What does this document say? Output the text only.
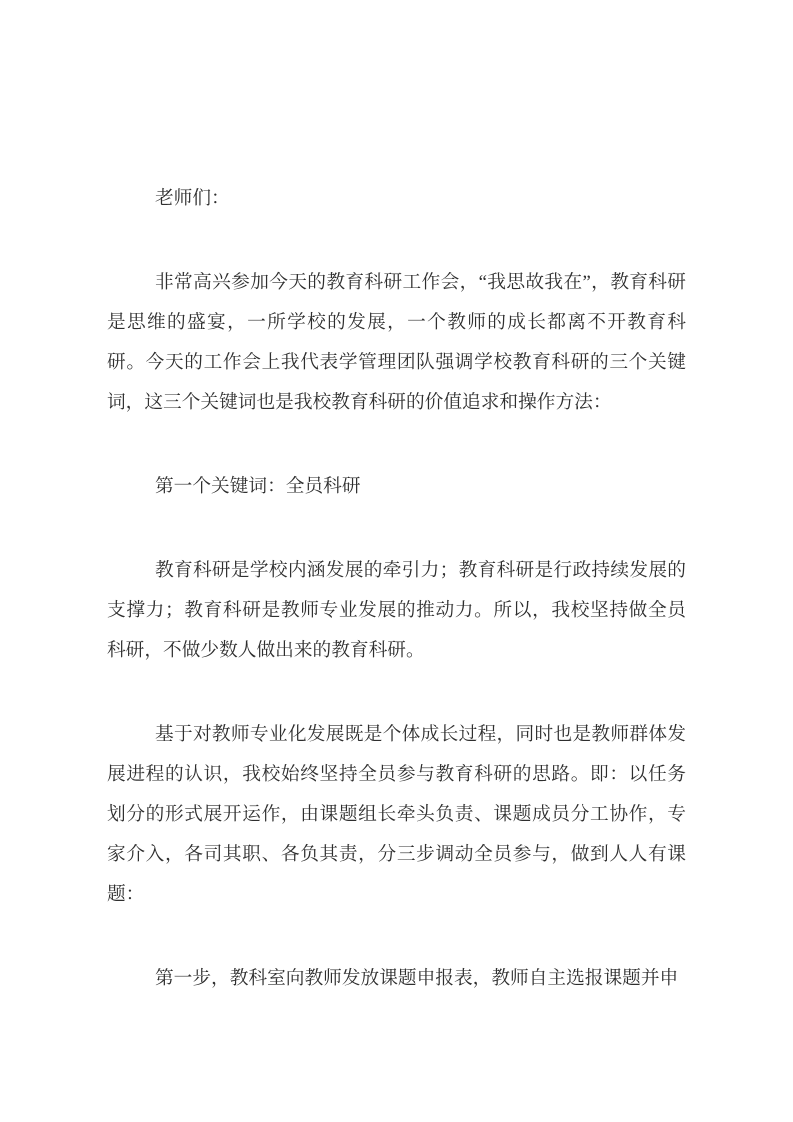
老师们：

非常高兴参加今天的教育科研工作会，“我思故我在”，教育科研是思维的盛宴，一所学校的发展，一个教师的成长都离不开教育科研。今天的工作会上我代表学管理团队强调学校教育科研的三个关键词，这三个关键词也是我校教育科研的价值追求和操作方法：

第一个关键词：全员科研

教育科研是学校内涵发展的牵引力；教育科研是行政持续发展的支撑力；教育科研是教师专业发展的推动力。所以，我校坚持做全员科研，不做少数人做出来的教育科研。

基于对教师专业化发展既是个体成长过程，同时也是教师群体发展进程的认识，我校始终坚持全员参与教育科研的思路。即：以任务划分的形式展开运作，由课题组长牵头负责、课题成员分工协作，专家介入，各司其职、各负其责，分三步调动全员参与，做到人人有课题：

第一步，教科室向教师发放课题申报表，教师自主选报课题并申
